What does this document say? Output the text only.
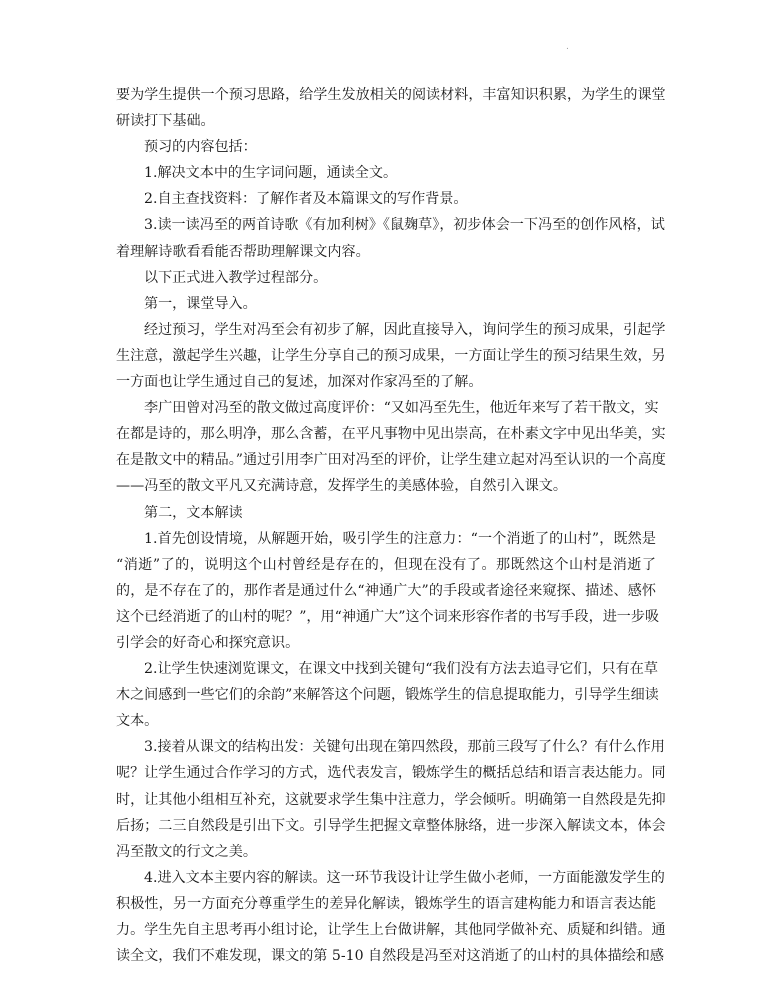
.
要为学生提供一个预习思路，给学生发放相关的阅读材料，丰富知识积累，为学生的课堂
研读打下基础。
预习的内容包括：
1.解决文本中的生字词问题，通读全文。
2.自主查找资料：了解作者及本篇课文的写作背景。
3.读一读冯至的两首诗歌《有加利树》《鼠麹草》，初步体会一下冯至的创作风格，试
着理解诗歌看看能否帮助理解课文内容。
以下正式进入教学过程部分。
第一，课堂导入。
经过预习，学生对冯至会有初步了解，因此直接导入，询问学生的预习成果，引起学
生注意，激起学生兴趣，让学生分享自己的预习成果，一方面让学生的预习结果生效，另
一方面也让学生通过自己的复述，加深对作家冯至的了解。
李广田曾对冯至的散文做过高度评价：“又如冯至先生，他近年来写了若干散文，实
在都是诗的，那么明净，那么含蓄，在平凡事物中见出崇高，在朴素文字中见出华美，实
在是散文中的精品。”通过引用李广田对冯至的评价，让学生建立起对冯至认识的一个高度
——冯至的散文平凡又充满诗意，发挥学生的美感体验，自然引入课文。
第二，文本解读
1.首先创设情境，从解题开始，吸引学生的注意力：“一个消逝了的山村”，既然是
“消逝”了的，说明这个山村曾经是存在的，但现在没有了。那既然这个山村是消逝了
的，是不存在了的，那作者是通过什么“神通广大”的手段或者途径来窥探、描述、感怀
这个已经消逝了的山村的呢？”，用“神通广大”这个词来形容作者的书写手段，进一步吸
引学会的好奇心和探究意识。
2.让学生快速浏览课文，在课文中找到关键句“我们没有方法去追寻它们，只有在草
木之间感到一些它们的余韵”来解答这个问题，锻炼学生的信息提取能力，引导学生细读
文本。
3.接着从课文的结构出发：关键句出现在第四然段，那前三段写了什么？有什么作用
呢？让学生通过合作学习的方式，选代表发言，锻炼学生的概括总结和语言表达能力。同
时，让其他小组相互补充，这就要求学生集中注意力，学会倾听。明确第一自然段是先抑
后扬；二三自然段是引出下文。引导学生把握文章整体脉络，进一步深入解读文本，体会
冯至散文的行文之美。
4.进入文本主要内容的解读。这一环节我设计让学生做小老师，一方面能激发学生的
积极性，另一方面充分尊重学生的差异化解读，锻炼学生的语言建构能力和语言表达能
力。学生先自主思考再小组讨论，让学生上台做讲解，其他同学做补充、质疑和纠错。通
读全文，我们不难发现，课文的第 5-10 自然段是冯至对这消逝了的山村的具体描绘和感
